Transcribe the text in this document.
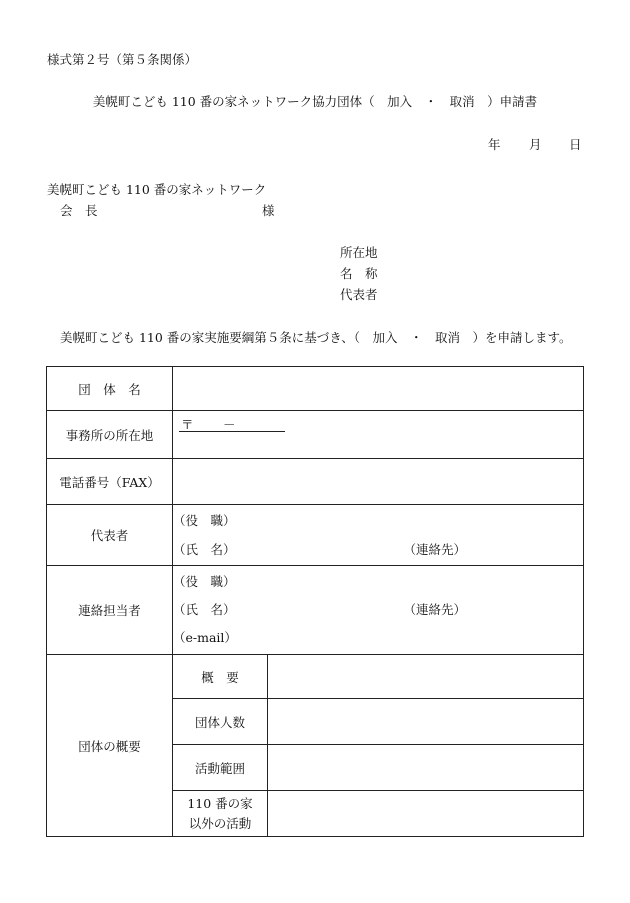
様式第２号（第５条関係）
美幌町こども 110 番の家ネットワーク協力団体（　加入　・　取消　）申請書
年 月 日
美幌町こども 110 番の家ネットワーク
会　長	様
所在地
名　称
代表者
美幌町こども 110 番の家実施要綱第５条に基づき、（　加入　・　取消　）を申請します。
団　体　名		
事務所の所在地	〒 －	

電話番号（FAX）		
代表者	（役　職）
（氏　名） （連絡先）	

連絡担当者	（役　職）
（氏　名） （連絡先）
（e-mail）	

団体の概要	概　要	
	団体人数	
	活動範囲	

	110 番の家
以外の活動	
